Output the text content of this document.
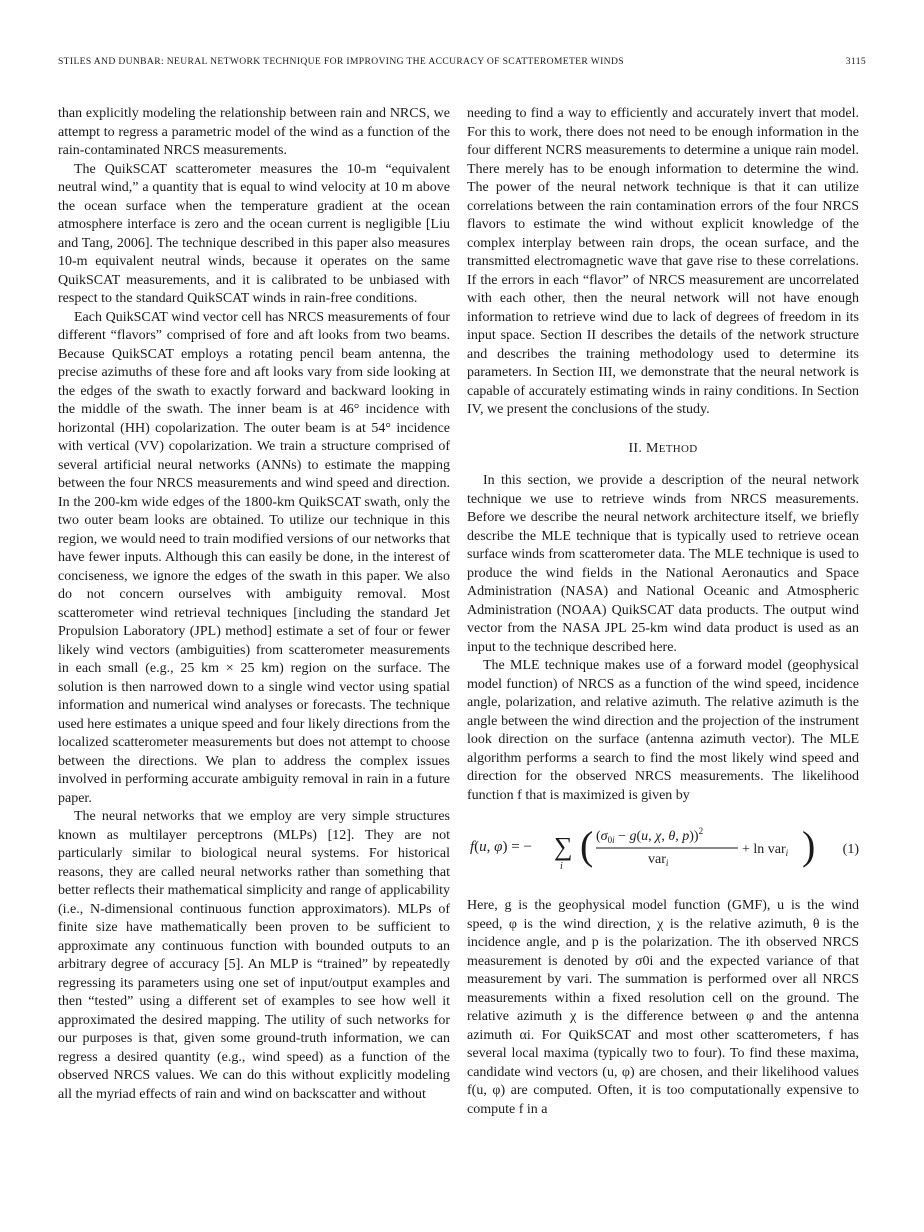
STILES AND DUNBAR: NEURAL NETWORK TECHNIQUE FOR IMPROVING THE ACCURACY OF SCATTEROMETER WINDS	3115

than explicitly modeling the relationship between rain and NRCS, we attempt to regress a parametric model of the wind as a function of the rain-contaminated NRCS measurements.

The QuikSCAT scatterometer measures the 10-m “equivalent neutral wind,” a quantity that is equal to wind velocity at 10 m above the ocean surface when the temperature gradient at the ocean atmosphere interface is zero and the ocean current is negligible [Liu and Tang, 2006]. The technique described in this paper also measures 10-m equivalent neutral winds, because it operates on the same QuikSCAT measurements, and it is calibrated to be unbiased with respect to the standard QuikSCAT winds in rain-free conditions.

Each QuikSCAT wind vector cell has NRCS measurements of four different “flavors” comprised of fore and aft looks from two beams. Because QuikSCAT employs a rotating pencil beam antenna, the precise azimuths of these fore and aft looks vary from side looking at the edges of the swath to exactly forward and backward looking in the middle of the swath. The inner beam is at 46° incidence with horizontal (HH) copolarization. The outer beam is at 54° incidence with vertical (VV) copolarization. We train a structure comprised of several artificial neural networks (ANNs) to estimate the mapping between the four NRCS measurements and wind speed and direction. In the 200-km wide edges of the 1800-km QuikSCAT swath, only the two outer beam looks are obtained. To utilize our technique in this region, we would need to train modified versions of our networks that have fewer inputs. Although this can easily be done, in the interest of conciseness, we ignore the edges of the swath in this paper. We also do not concern ourselves with ambiguity removal. Most scatterometer wind retrieval techniques [including the standard Jet Propulsion Laboratory (JPL) method] estimate a set of four or fewer likely wind vectors (ambiguities) from scatterometer measurements in each small (e.g., 25 km × 25 km) region on the surface. The solution is then narrowed down to a single wind vector using spatial information and numerical wind analyses or forecasts. The technique used here estimates a unique speed and four likely directions from the localized scatterometer measurements but does not attempt to choose between the directions. We plan to address the complex issues involved in performing accurate ambiguity removal in rain in a future paper.

The neural networks that we employ are very simple structures known as multilayer perceptrons (MLPs) [12]. They are not particularly similar to biological neural systems. For historical reasons, they are called neural networks rather than something that better reflects their mathematical simplicity and range of applicability (i.e., N-dimensional continuous function approximators). MLPs of finite size have mathematically been proven to be sufficient to approximate any continuous function with bounded outputs to an arbitrary degree of accuracy [5]. An MLP is “trained” by repeatedly regressing its parameters using one set of input/output examples and then “tested” using a different set of examples to see how well it approximated the desired mapping. The utility of such networks for our purposes is that, given some ground-truth information, we can regress a desired quantity (e.g., wind speed) as a function of the observed NRCS values. We can do this without explicitly modeling all the myriad effects of rain and wind on backscatter and without

needing to find a way to efficiently and accurately invert that model. For this to work, there does not need to be enough information in the four different NCRS measurements to determine a unique rain model. There merely has to be enough information to determine the wind. The power of the neural network technique is that it can utilize correlations between the rain contamination errors of the four NRCS flavors to estimate the wind without explicit knowledge of the complex interplay between rain drops, the ocean surface, and the transmitted electromagnetic wave that gave rise to these correlations. If the errors in each “flavor” of NRCS measurement are uncorrelated with each other, then the neural network will not have enough information to retrieve wind due to lack of degrees of freedom in its input space. Section II describes the details of the network structure and describes the training methodology used to determine its parameters. In Section III, we demonstrate that the neural network is capable of accurately estimating winds in rainy conditions. In Section IV, we present the conclusions of the study.

II. METHOD

In this section, we provide a description of the neural network technique we use to retrieve winds from NRCS measurements. Before we describe the neural network architecture itself, we briefly describe the MLE technique that is typically used to retrieve ocean surface winds from scatterometer data. The MLE technique is used to produce the wind fields in the National Aeronautics and Space Administration (NASA) and National Oceanic and Atmospheric Administration (NOAA) QuikSCAT data products. The output wind vector from the NASA JPL 25-km wind data product is used as an input to the technique described here.

The MLE technique makes use of a forward model (geophysical model function) of NRCS as a function of the wind speed, incidence angle, polarization, and relative azimuth. The relative azimuth is the angle between the wind direction and the projection of the instrument look direction on the surface (antenna azimuth vector). The MLE algorithm performs a search to find the most likely wind speed and direction for the observed NRCS measurements. The likelihood function f that is maximized is given by

f(u, φ) = − ∑
i ( ($\sigma_{0i} - g(u$, χ, θ, p))$^2$
var$_i$
+ ln var$_i$ )	(1)

Here, g is the geophysical model function (GMF), u is the wind speed, φ is the wind direction, χ is the relative azimuth, θ is the incidence angle, and p is the polarization. The ith observed NRCS measurement is denoted by σ0i and the expected variance of that measurement by vari. The summation is performed over all NRCS measurements within a fixed resolution cell on the ground. The relative azimuth χ is the difference between φ and the antenna azimuth αi. For QuikSCAT and most other scatterometers, f has several local maxima (typically two to four). To find these maxima, candidate wind vectors (u, φ) are chosen, and their likelihood values f(u, φ) are computed. Often, it is too computationally expensive to compute f in a
